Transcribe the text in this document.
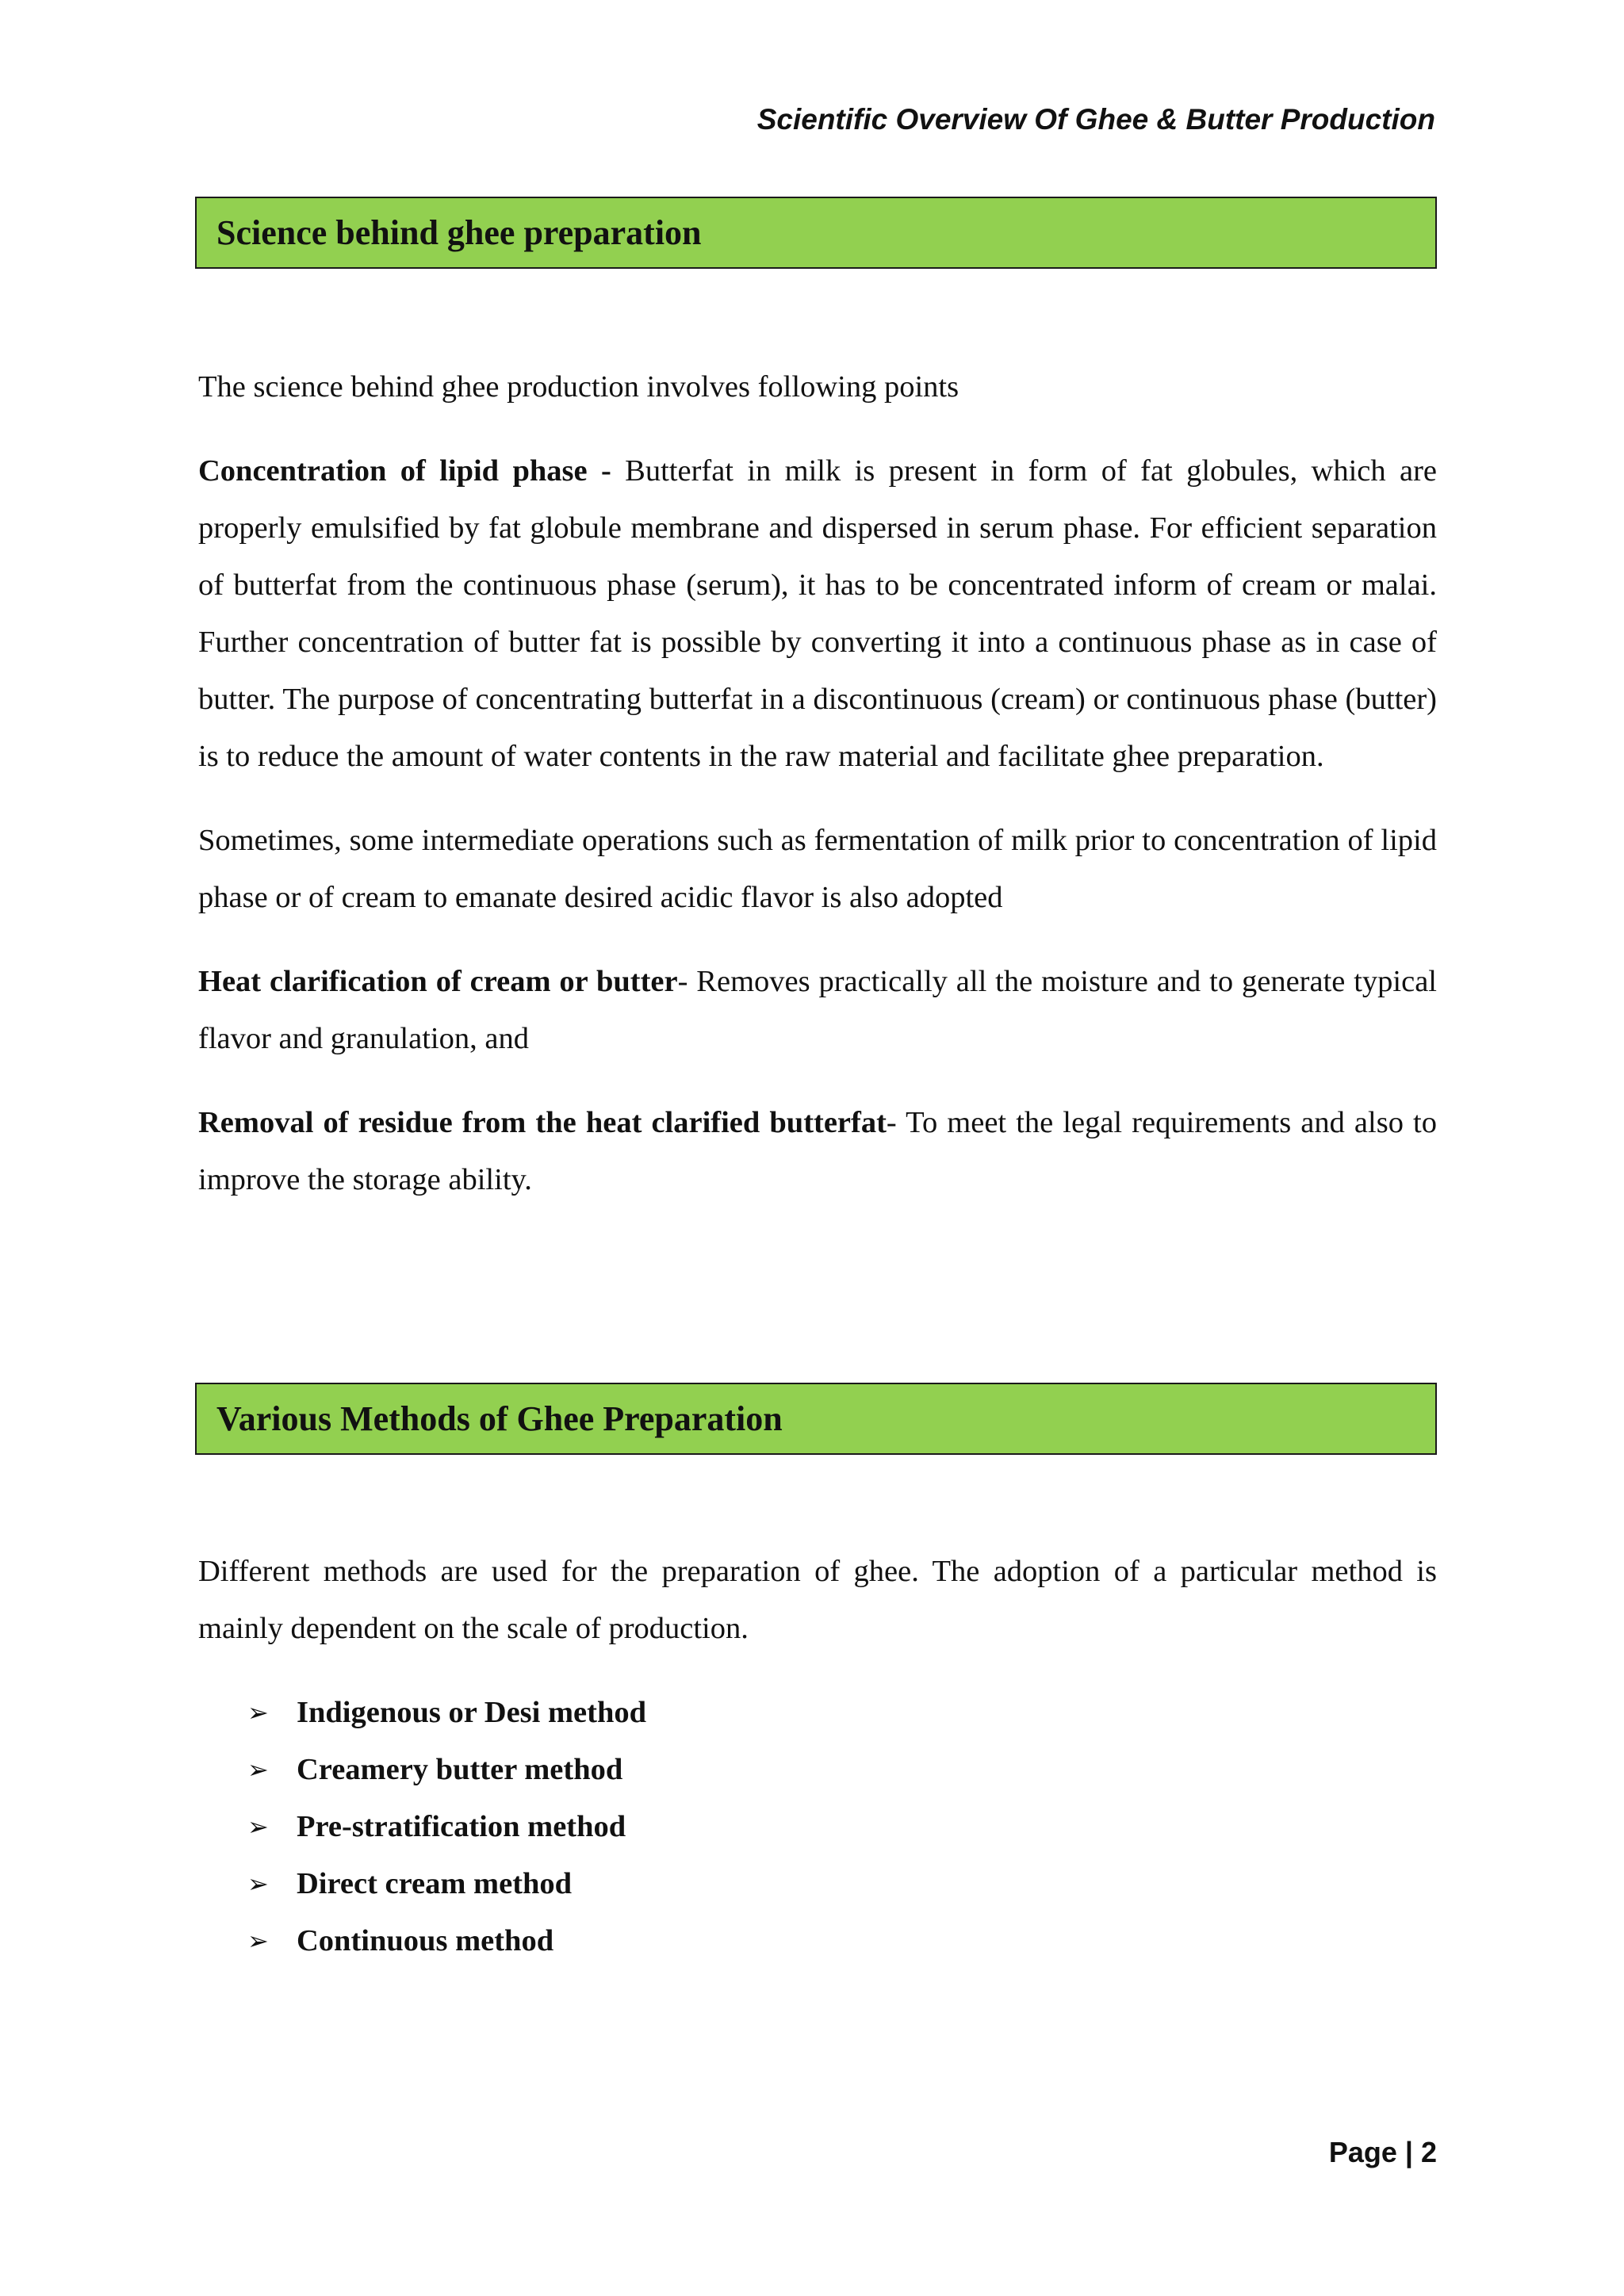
Scientific Overview Of Ghee & Butter Production
Science behind ghee preparation

The science behind ghee production involves following points

Concentration of lipid phase - Butterfat in milk is present in form of fat globules, which are properly emulsified by fat globule membrane and dispersed in serum phase. For efficient separation of butterfat from the continuous phase (serum), it has to be concentrated inform of cream or malai. Further concentration of butter fat is possible by converting it into a continuous phase as in case of butter. The purpose of concentrating butterfat in a discontinuous (cream) or continuous phase (butter) is to reduce the amount of water contents in the raw material and facilitate ghee preparation.

Sometimes, some intermediate operations such as fermentation of milk prior to concentration of lipid phase or of cream to emanate desired acidic flavor is also adopted

Heat clarification of cream or butter- Removes practically all the moisture and to generate typical flavor and granulation, and

Removal of residue from the heat clarified butterfat- To meet the legal requirements and also to improve the storage ability.

Various Methods of Ghee Preparation

Different methods are used for the preparation of ghee. The adoption of a particular method is mainly dependent on the scale of production.

➢ Indigenous or Desi method
➢ Creamery butter method
➢ Pre-stratification method
➢ Direct cream method
➢ Continuous method
Page | 2
